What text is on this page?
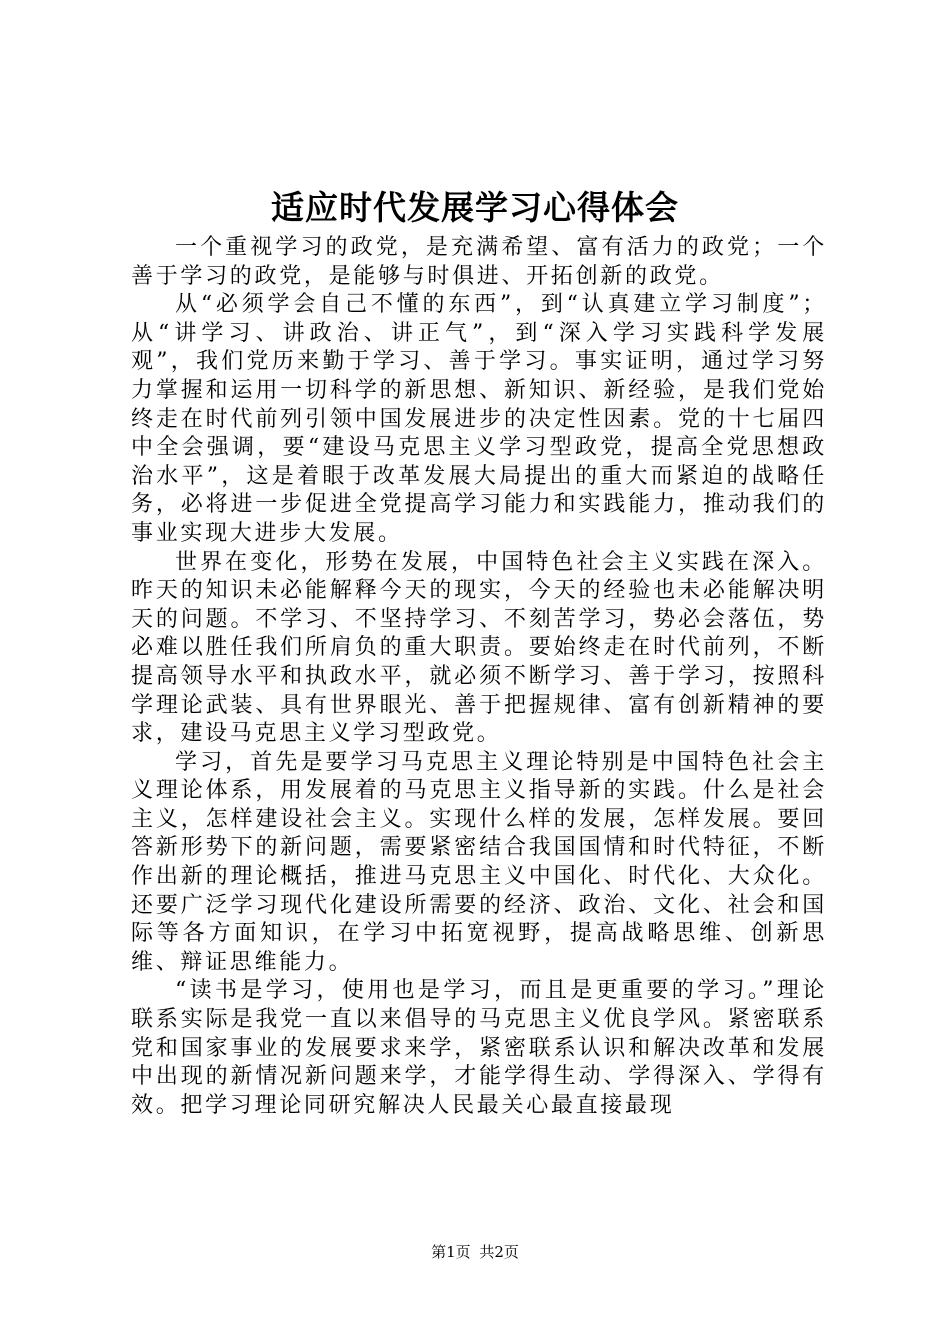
适应时代发展学习心得体会

一个重视学习的政党，是充满希望、富有活力的政党；一个善于学习的政党，是能够与时俱进、开拓创新的政党。

从“必须学会自己不懂的东西”，到“认真建立学习制度”；从“讲学习、讲政治、讲正气”，到“深入学习实践科学发展观”，我们党历来勤于学习、善于学习。事实证明，通过学习努力掌握和运用一切科学的新思想、新知识、新经验，是我们党始终走在时代前列引领中国发展进步的决定性因素。党的十七届四中全会强调，要“建设马克思主义学习型政党，提高全党思想政治水平”，这是着眼于改革发展大局提出的重大而紧迫的战略任务，必将进一步促进全党提高学习能力和实践能力，推动我们的事业实现大进步大发展。

世界在变化，形势在发展，中国特色社会主义实践在深入。昨天的知识未必能解释今天的现实，今天的经验也未必能解决明天的问题。不学习、不坚持学习、不刻苦学习，势必会落伍，势必难以胜任我们所肩负的重大职责。要始终走在时代前列，不断提高领导水平和执政水平，就必须不断学习、善于学习，按照科学理论武装、具有世界眼光、善于把握规律、富有创新精神的要求，建设马克思主义学习型政党。

学习，首先是要学习马克思主义理论特别是中国特色社会主义理论体系，用发展着的马克思主义指导新的实践。什么是社会主义，怎样建设社会主义。实现什么样的发展，怎样发展。要回答新形势下的新问题，需要紧密结合我国国情和时代特征，不断作出新的理论概括，推进马克思主义中国化、时代化、大众化。还要广泛学习现代化建设所需要的经济、政治、文化、社会和国际等各方面知识，在学习中拓宽视野，提高战略思维、创新思维、辩证思维能力。

“读书是学习，使用也是学习，而且是更重要的学习。”理论联系实际是我党一直以来倡导的马克思主义优良学风。紧密联系党和国家事业的发展要求来学，紧密联系认识和解决改革和发展中出现的新情况新问题来学，才能学得生动、学得深入、学得有效。把学习理论同研究解决人民最关心最直接最现

第1页 共2页
